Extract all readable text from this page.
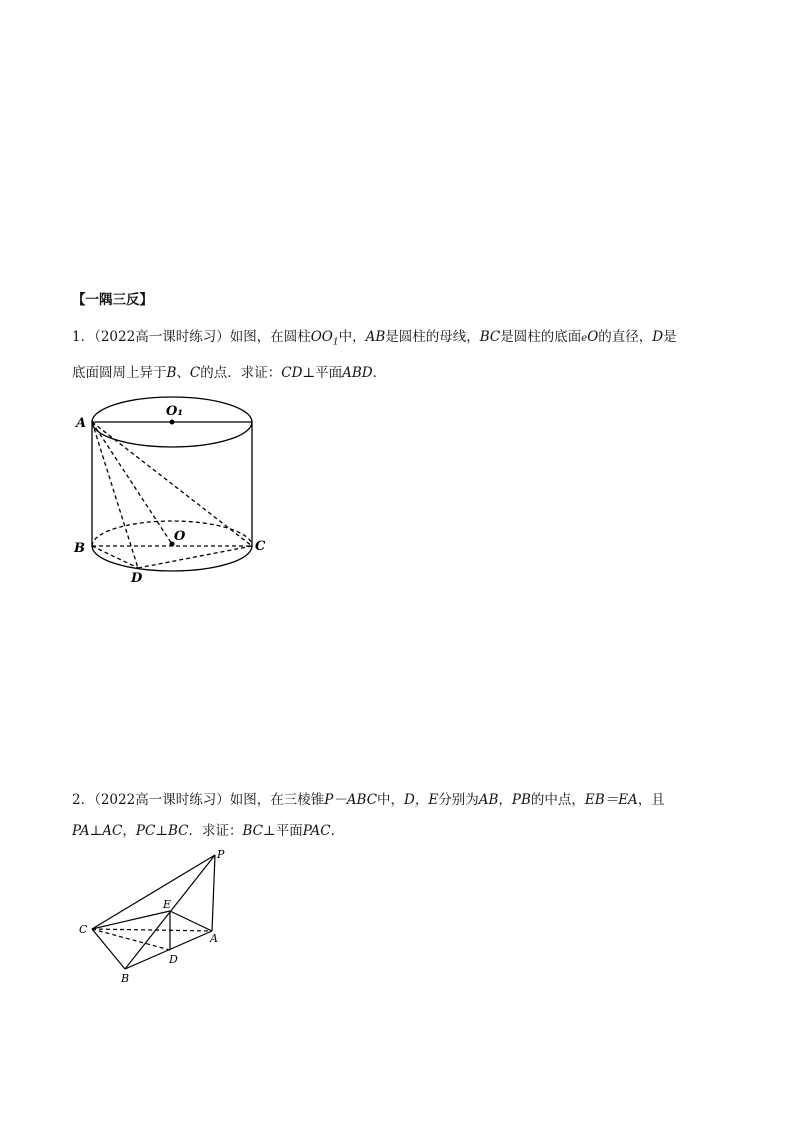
【一隅三反】
1．（2022高一课时练习）如图，在圆柱$OO_1$中，AB是圆柱的母线，BC是圆柱的底面eO的直径，D是
底面圆周上异于B、C的点．求证：CD⊥平面ABD．
A
O₁
B
O
C
D
2．（2022高一课时练习）如图，在三棱锥P－ABC中，D，E分别为AB，PB的中点，EB＝EA，且
PA⊥AC，PC⊥BC．求证：BC⊥平面PAC．
P
E
C
A
D
B
